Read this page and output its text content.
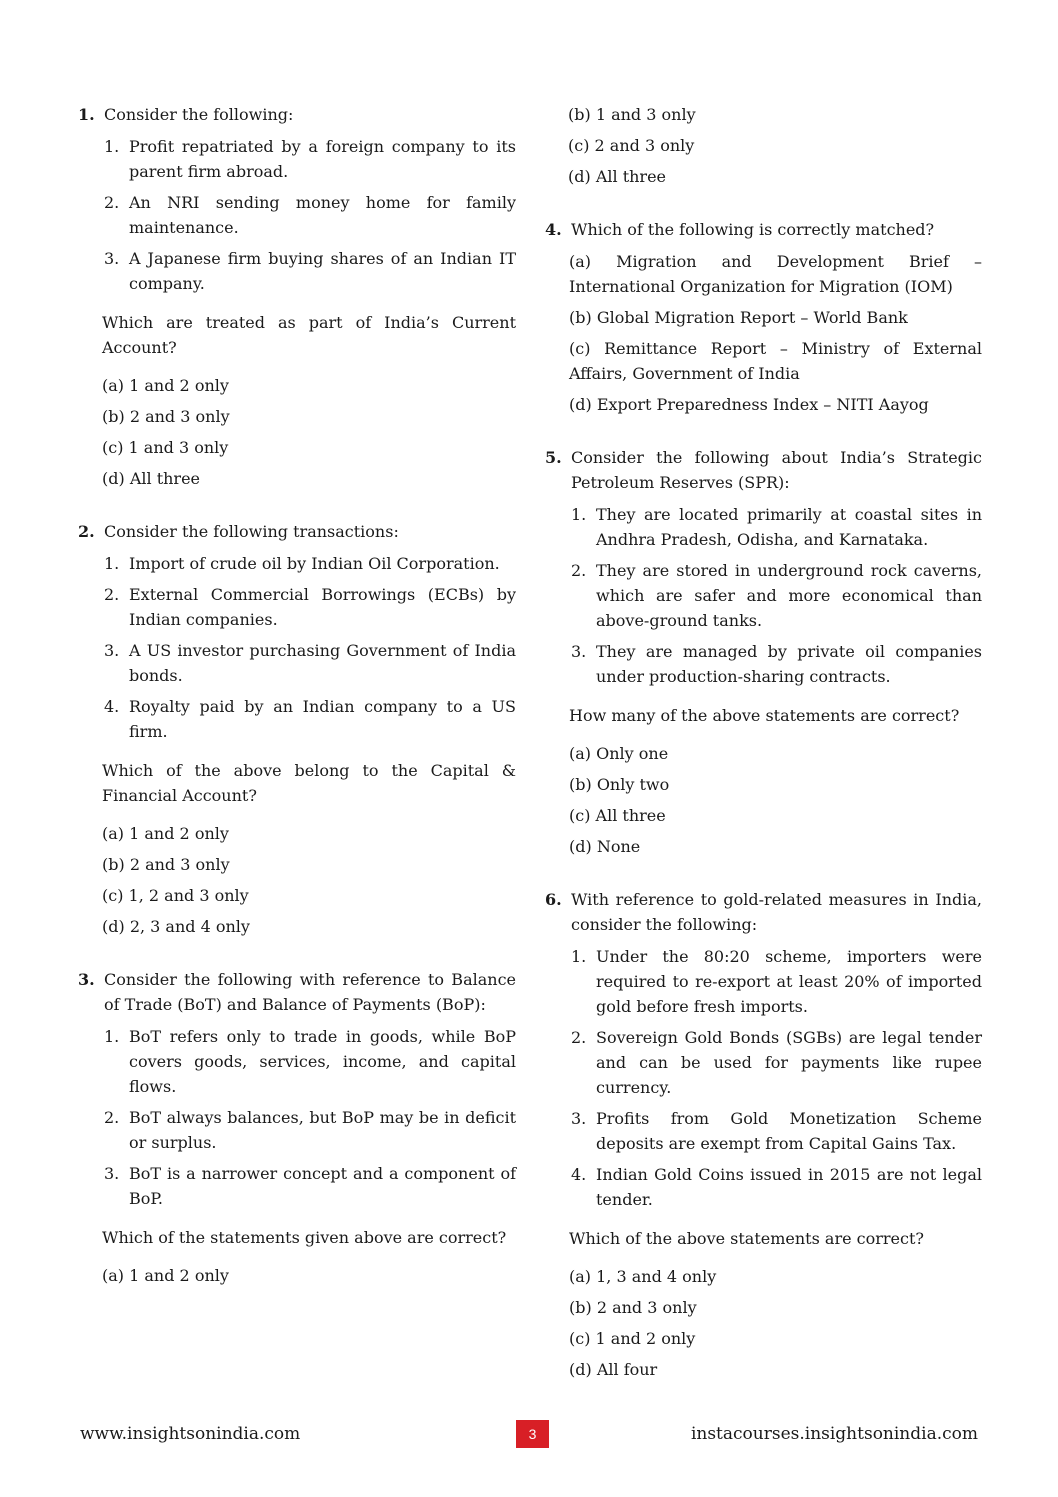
1. Consider the following:
1. Profit repatriated by a foreign company to its parent firm abroad.
2. An NRI sending money home for family maintenance.
3. A Japanese firm buying shares of an Indian IT company.
Which are treated as part of India’s Current Account?
(a) 1 and 2 only
(b) 2 and 3 only
(c) 1 and 3 only
(d) All three
2. Consider the following transactions:
1. Import of crude oil by Indian Oil Corporation.
2. External Commercial Borrowings (ECBs) by Indian companies.
3. A US investor purchasing Government of India bonds.
4. Royalty paid by an Indian company to a US firm.
Which of the above belong to the Capital & Financial Account?
(a) 1 and 2 only
(b) 2 and 3 only
(c) 1, 2 and 3 only
(d) 2, 3 and 4 only
3. Consider the following with reference to Balance of Trade (BoT) and Balance of Payments (BoP):
1. BoT refers only to trade in goods, while BoP covers goods, services, income, and capital flows.
2. BoT always balances, but BoP may be in deficit or surplus.
3. BoT is a narrower concept and a component of BoP.
Which of the statements given above are correct?
(a) 1 and 2 only
(b) 1 and 3 only
(c) 2 and 3 only
(d) All three
4. Which of the following is correctly matched?
(a) Migration and Development Brief – International Organization for Migration (IOM)
(b) Global Migration Report – World Bank
(c) Remittance Report – Ministry of External Affairs, Government of India
(d) Export Preparedness Index – NITI Aayog
5. Consider the following about India’s Strategic Petroleum Reserves (SPR):
1. They are located primarily at coastal sites in Andhra Pradesh, Odisha, and Karnataka.
2. They are stored in underground rock caverns, which are safer and more economical than above-ground tanks.
3. They are managed by private oil companies under production-sharing contracts.
How many of the above statements are correct?
(a) Only one
(b) Only two
(c) All three
(d) None
6. With reference to gold-related measures in India, consider the following:
1. Under the 80:20 scheme, importers were required to re-export at least 20% of imported gold before fresh imports.
2. Sovereign Gold Bonds (SGBs) are legal tender and can be used for payments like rupee currency.
3. Profits from Gold Monetization Scheme deposits are exempt from Capital Gains Tax.
4. Indian Gold Coins issued in 2015 are not legal tender.
Which of the above statements are correct?
(a) 1, 3 and 4 only
(b) 2 and 3 only
(c) 1 and 2 only
(d) All four
www.insightsonindia.com	3	instacourses.insightsonindia.com
